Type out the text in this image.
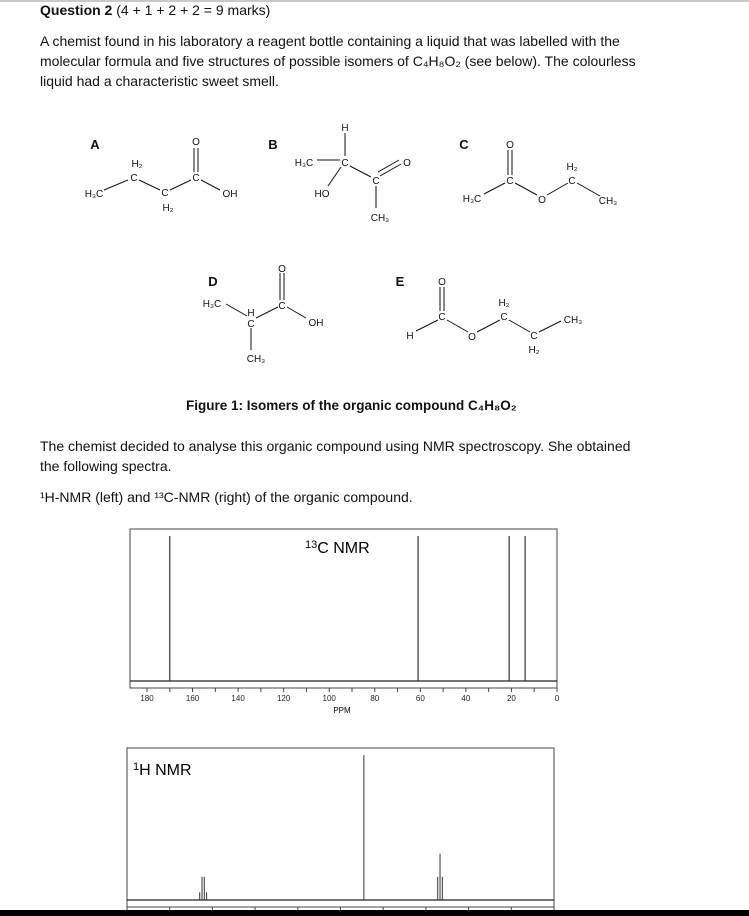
Question 2 (4 + 1 + 2 + 2 = 9 marks)
A chemist found in his laboratory a reagent bottle containing a liquid that was labelled with the
molecular formula and five structures of possible isomers of C₄H₈O₂ (see below). The colourless
liquid had a characteristic sweet smell.
A
H₃C
H₂
C
C
H₂
C
O
OH
B
H
C
H₃C	O
C
HO
CH₃
C	O
C
H₃C	O
C
H₂
CH₃
D
O
H₃C
H
C
C
OH
CH₃
E	O
C
H	O
C
H₂
C
H₂
CH₃
Figure 1: Isomers of the organic compound C₄H₈O₂
The chemist decided to analyse this organic compound using NMR spectroscopy. She obtained
the following spectra.
¹H-NMR (left) and ¹³C-NMR (right) of the organic compound.
$^{13}$C NMR
PPM
180	160	140	120	100	80	60	40	20	0
$^1$H NMR
